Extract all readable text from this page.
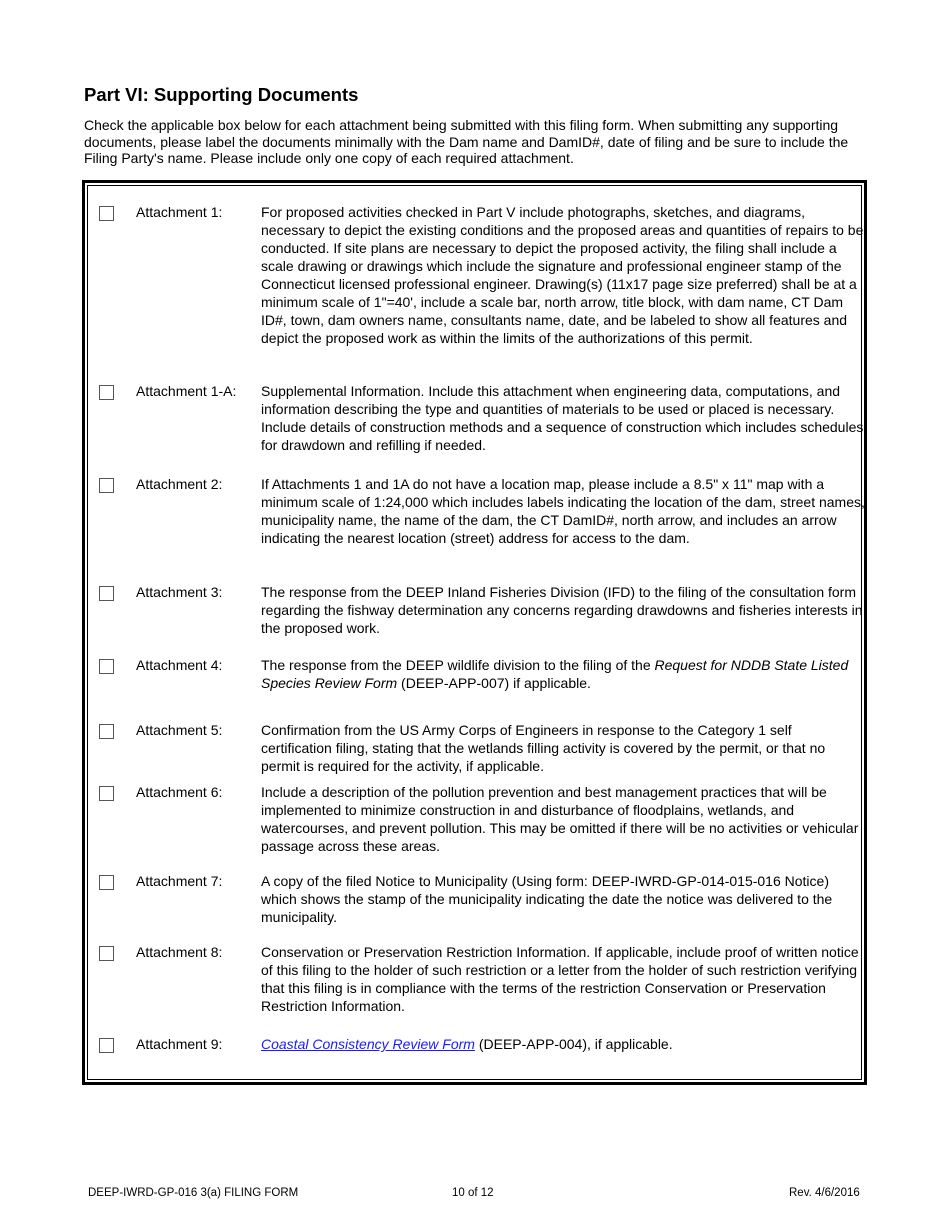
Part VI: Supporting Documents

Check the applicable box below for each attachment being submitted with this filing form. When submitting any supporting documents, please label the documents minimally with the Dam name and DamID#, date of filing and be sure to include the Filing Party's name. Please include only one copy of each required attachment.

Attachment 1:	For proposed activities checked in Part V include photographs, sketches, and diagrams, necessary to depict the existing conditions and the proposed areas and quantities of repairs to be conducted. If site plans are necessary to depict the proposed activity, the filing shall include a scale drawing or drawings which include the signature and professional engineer stamp of the Connecticut licensed professional engineer. Drawing(s) (11x17 page size preferred) shall be at a minimum scale of 1"=40', include a scale bar, north arrow, title block, with dam name, CT Dam ID#, town, dam owners name, consultants name, date, and be labeled to show all features and depict the proposed work as within the limits of the authorizations of this permit.
Attachment 1-A: Supplemental Information. Include this attachment when engineering data, computations, and information describing the type and quantities of materials to be used or placed is necessary. Include details of construction methods and a sequence of construction which includes schedules for drawdown and refilling if needed.
Attachment 2:	If Attachments 1 and 1A do not have a location map, please include a 8.5" x 11" map with a minimum scale of 1:24,000 which includes labels indicating the location of the dam, street names, municipality name, the name of the dam, the CT DamID#, north arrow, and includes an arrow indicating the nearest location (street) address for access to the dam.
Attachment 3:	The response from the DEEP Inland Fisheries Division (IFD) to the filing of the consultation form regarding the fishway determination any concerns regarding drawdowns and fisheries interests in the proposed work.
Attachment 4:	The response from the DEEP wildlife division to the filing of the Request for NDDB State Listed Species Review Form (DEEP-APP-007) if applicable.
Attachment 5:	Confirmation from the US Army Corps of Engineers in response to the Category 1 self certification filing, stating that the wetlands filling activity is covered by the permit, or that no permit is required for the activity, if applicable.
Attachment 6:	Include a description of the pollution prevention and best management practices that will be implemented to minimize construction in and disturbance of floodplains, wetlands, and watercourses, and prevent pollution. This may be omitted if there will be no activities or vehicular passage across these areas.
Attachment 7:	A copy of the filed Notice to Municipality (Using form: DEEP-IWRD-GP-014-015-016 Notice) which shows the stamp of the municipality indicating the date the notice was delivered to the municipality.
Attachment 8:	Conservation or Preservation Restriction Information. If applicable, include proof of written notice of this filing to the holder of such restriction or a letter from the holder of such restriction verifying that this filing is in compliance with the terms of the restriction Conservation or Preservation Restriction Information.
Attachment 9:	Coastal Consistency Review Form (DEEP-APP-004), if applicable.
DEEP-IWRD-GP-016 3(a) FILING FORM	10 of 12	Rev. 4/6/2016
